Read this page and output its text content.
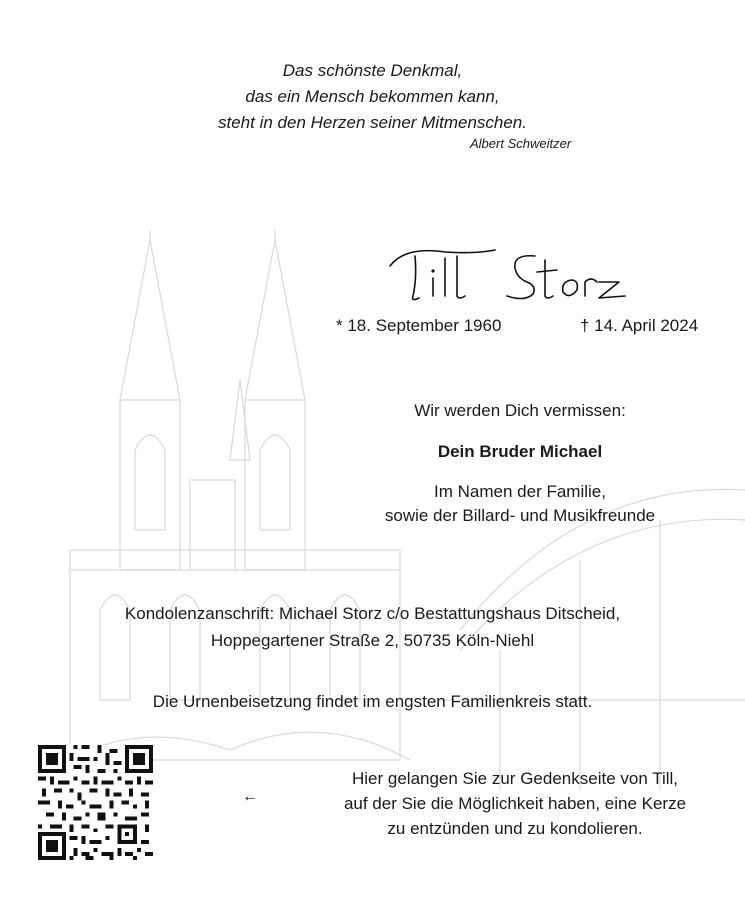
Das schönste Denkmal,
das ein Mensch bekommen kann,
steht in den Herzen seiner Mitmenschen.
Albert Schweitzer
* 18. September 1960	† 14. April 2024
Wir werden Dich vermissen:
Dein Bruder Michael
Im Namen der Familie,
sowie der Billard- und Musikfreunde
Kondolenzanschrift: Michael Storz c/o Bestattungshaus Ditscheid,
Hoppegartener Straße 2, 50735 Köln-Niehl
Die Urnenbeisetzung findet im engsten Familienkreis statt.
←
Hier gelangen Sie zur Gedenkseite von Till,
auf der Sie die Möglichkeit haben, eine Kerze
zu entzünden und zu kondolieren.
